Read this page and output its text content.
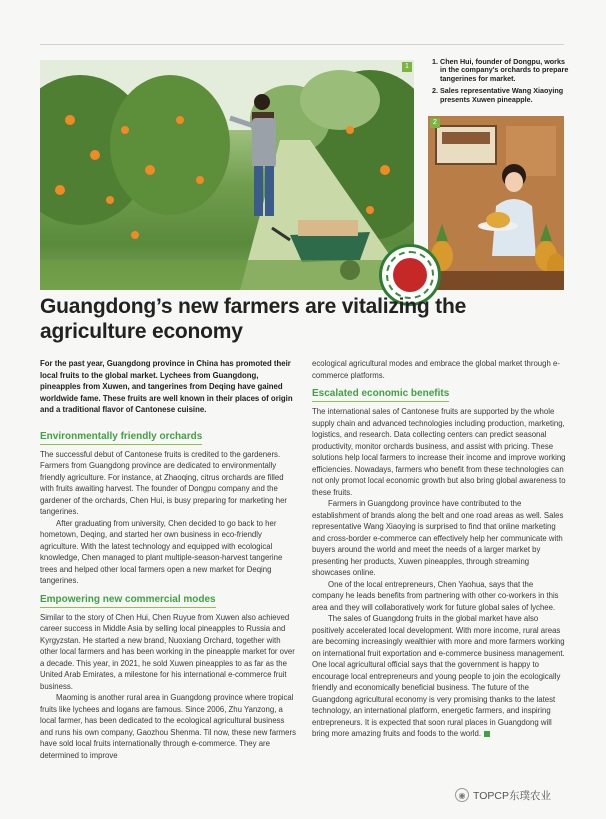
1
1. Chen Hui, founder of Dongpu, works in the company's orchards to prepare tangerines for market.
2. Sales representative Wang Xiaoying presents Xuwen pineapple.
2
Guangdong’s new farmers are vitalizing the agriculture economy

For the past year, Guangdong province in China has promoted their local fruits to the global market. Lychees from Guangdong, pineapples from Xuwen, and tangerines from Deqing have gained worldwide fame. These fruits are well known in their places of origin and a traditional flavor of Cantonese cuisine.

Environmentally friendly orchards

The successful debut of Cantonese fruits is credited to the gardeners. Farmers from Guangdong province are dedicated to environmentally friendly agriculture. For instance, at Zhaoqing, citrus orchards are filled with fruits awaiting harvest. The founder of Dongpu company and the gardener of the orchards, Chen Hui, is busy preparing for marketing her tangerines.

After graduating from university, Chen decided to go back to her hometown, Deqing, and started her own business in eco-friendly agriculture. With the latest technology and equipped with ecological knowledge, Chen managed to plant multiple-season-harvest tangerine trees and helped other local farmers open a new market for Deqing tangerines.

Empowering new commercial modes

Similar to the story of Chen Hui, Chen Ruyue from Xuwen also achieved career success in Middle Asia by selling local pineapples to Russia and Kyrgyzstan. He started a new brand, Nuoxiang Orchard, together with other local farmers and has been working in the pineapple market for over a decade. This year, in 2021, he sold Xuwen pineapples to as far as the United Arab Emirates, a milestone for his international e-commerce fruit business.

Maoming is another rural area in Guangdong province where tropical fruits like lychees and logans are famous. Since 2006, Zhu Yanzong, a local farmer, has been dedicated to the ecological agricultural business and runs his own company, Gaozhou Shenma. Til now, these new farmers have sold local fruits internationally through e-commerce. They are determined to improve

ecological agricultural modes and embrace the global market through e-commerce platforms.

Escalated economic benefits

The international sales of Cantonese fruits are supported by the whole supply chain and advanced technologies including production, marketing, logistics, and research. Data collecting centers can predict seasonal productivity, monitor orchards business, and assist with pricing. These solutions help local farmers to increase their income and improve working efficiencies. Nowadays, farmers who benefit from these technologies can not only promot local economic growth but also bring global awareness to these fruits.

Farmers in Guangdong province have contributed to the establishment of brands along the belt and one road areas as well. Sales representative Wang Xiaoying is surprised to find that online marketing and cross-border e-commerce can effectively help her communicate with buyers around the world and meet the needs of a larger market by presenting her products, Xuwen pineapples, through streaming showcases online.

One of the local entrepreneurs, Chen Yaohua, says that the company he leads benefits from partnering with other co-workers in this area and they will collaboratively work for future global sales of lychee.

The sales of Guangdong fruits in the global market have also positively accelerated local development. With more income, rural areas are becoming increasingly wealthier with more and more farmers working on international fruit exportation and e-commerce business management. One local agricultural official says that the government is happy to encourage local entrepreneurs and young people to join the ecologically friendly and economically beneficial business. The future of the Guangdong agricultural economy is very promising thanks to the latest technology, an international platform, energetic farmers, and inspiring entrepreneurs. It is expected that soon rural places in Guangdong will bring more amazing fruits and foods to the world.

◉ TOPCP东璞农业
